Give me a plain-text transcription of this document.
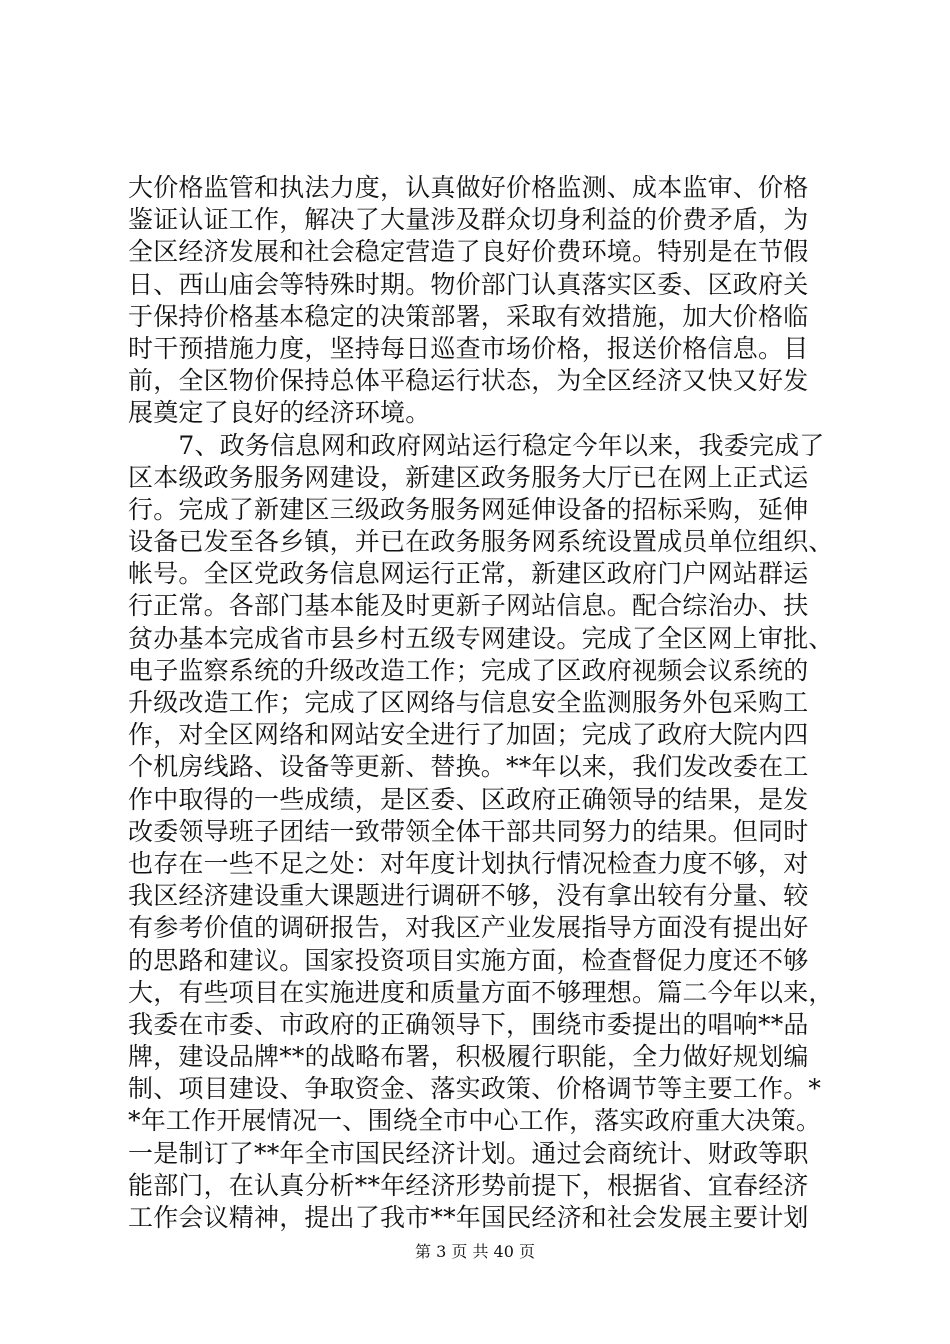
大价格监管和执法力度，认真做好价格监测、成本监审、价格
鉴证认证工作，解决了大量涉及群众切身利益的价费矛盾，为
全区经济发展和社会稳定营造了良好价费环境。特别是在节假
日、西山庙会等特殊时期。物价部门认真落实区委、区政府关
于保持价格基本稳定的决策部署，采取有效措施，加大价格临
时干预措施力度，坚持每日巡查市场价格，报送价格信息。目
前，全区物价保持总体平稳运行状态，为全区经济又快又好发
展奠定了良好的经济环境。
　　7、政务信息网和政府网站运行稳定今年以来，我委完成了
区本级政务服务网建设，新建区政务服务大厅已在网上正式运
行。完成了新建区三级政务服务网延伸设备的招标采购，延伸
设备已发至各乡镇，并已在政务服务网系统设置成员单位组织、
帐号。全区党政务信息网运行正常，新建区政府门户网站群运
行正常。各部门基本能及时更新子网站信息。配合综治办、扶
贫办基本完成省市县乡村五级专网建设。完成了全区网上审批、
电子监察系统的升级改造工作；完成了区政府视频会议系统的
升级改造工作；完成了区网络与信息安全监测服务外包采购工
作，对全区网络和网站安全进行了加固；完成了政府大院内四
个机房线路、设备等更新、替换。**年以来，我们发改委在工
作中取得的一些成绩，是区委、区政府正确领导的结果，是发
改委领导班子团结一致带领全体干部共同努力的结果。但同时
也存在一些不足之处：对年度计划执行情况检查力度不够，对
我区经济建设重大课题进行调研不够，没有拿出较有分量、较
有参考价值的调研报告，对我区产业发展指导方面没有提出好
的思路和建议。国家投资项目实施方面，检查督促力度还不够
大，有些项目在实施进度和质量方面不够理想。篇二今年以来，
我委在市委、市政府的正确领导下，围绕市委提出的唱响**品
牌，建设品牌**的战略布署，积极履行职能，全力做好规划编
制、项目建设、争取资金、落实政策、价格调节等主要工作。*
*年工作开展情况一、围绕全市中心工作，落实政府重大决策。
一是制订了**年全市国民经济计划。通过会商统计、财政等职
能部门，在认真分析**年经济形势前提下，根据省、宜春经济
工作会议精神，提出了我市**年国民经济和社会发展主要计划
第 3 页 共 40 页
